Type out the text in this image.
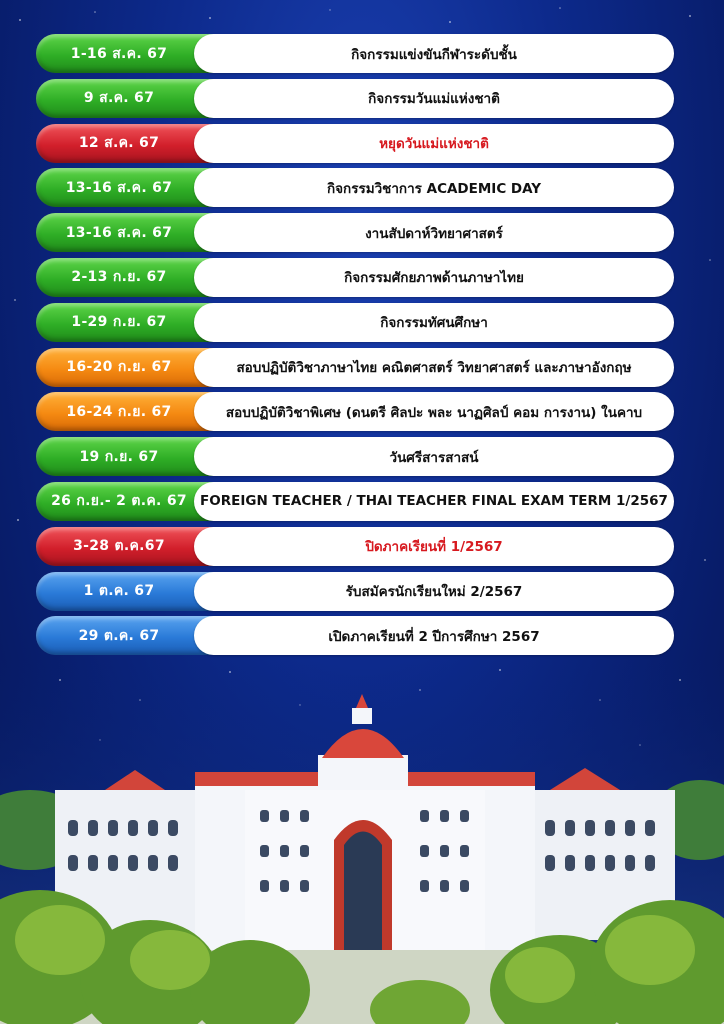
1-16 ส.ค. 67	กิจกรรมแข่งขันกีฬาระดับชั้น
9 ส.ค. 67	กิจกรรมวันแม่แห่งชาติ
12 ส.ค. 67	หยุดวันแม่แห่งชาติ
13-16 ส.ค. 67	กิจกรรมวิชาการ ACADEMIC DAY
13-16 ส.ค. 67	งานสัปดาห์วิทยาศาสตร์
2-13 ก.ย. 67	กิจกรรมศักยภาพด้านภาษาไทย
1-29 ก.ย. 67	กิจกรรมทัศนศึกษา
16-20 ก.ย. 67	สอบปฏิบัติวิชาภาษาไทย คณิตศาสตร์ วิทยาศาสตร์ และภาษาอังกฤษ
16-24 ก.ย. 67	สอบปฏิบัติวิชาพิเศษ (ดนตรี ศิลปะ พละ นาฏศิลป์ คอม การงาน) ในคาบ
19 ก.ย. 67	วันศรีสารสาสน์
26 ก.ย.- 2 ต.ค. 67 FOREIGN TEACHER / THAI TEACHER FINAL EXAM TERM 1/2567
3-28 ต.ค.67	ปิดภาคเรียนที่ 1/2567
1 ต.ค. 67	รับสมัครนักเรียนใหม่ 2/2567
29 ต.ค. 67	เปิดภาคเรียนที่ 2 ปีการศึกษา 2567
